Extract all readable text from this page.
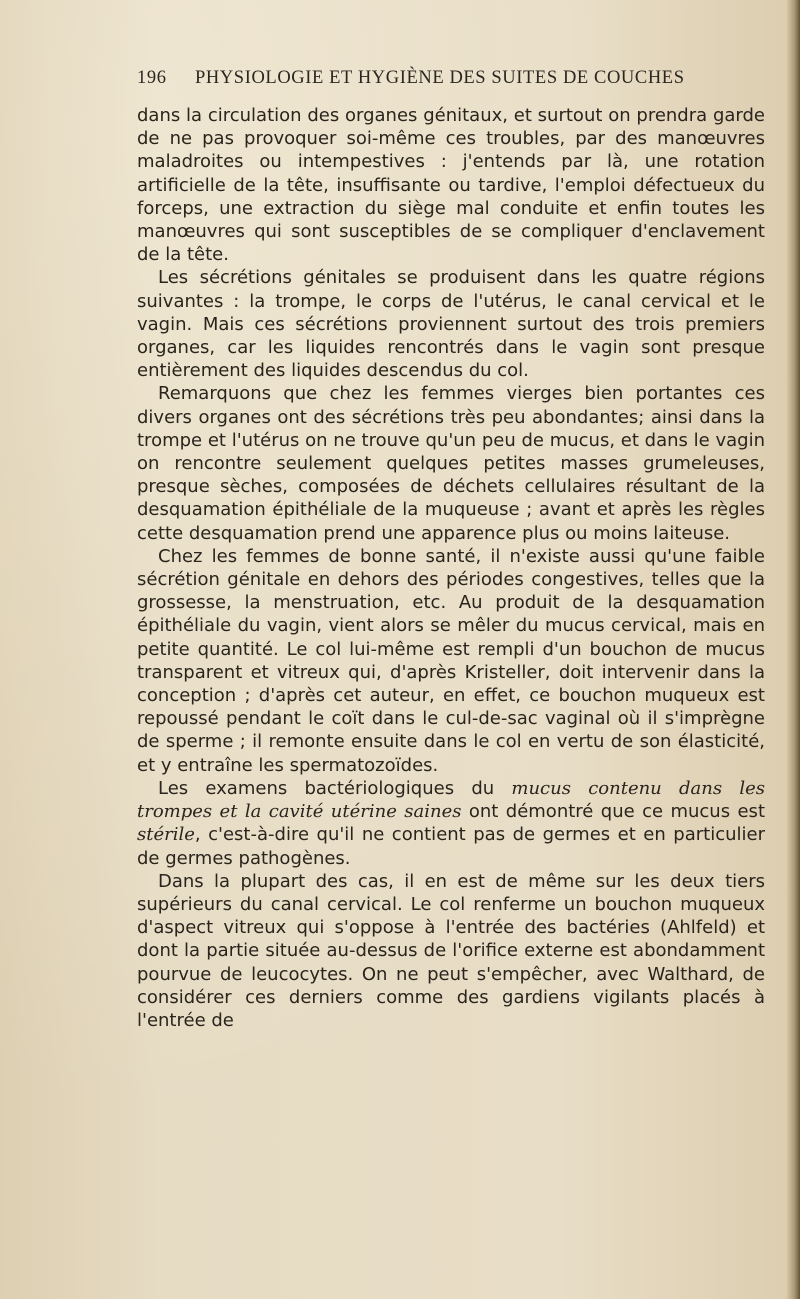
196 PHYSIOLOGIE ET HYGIÈNE DES SUITES DE COUCHES

dans la circulation des organes génitaux, et surtout on prendra garde de ne pas provoquer soi-même ces troubles, par des manœuvres maladroites ou intempestives : j'entends par là, une rotation artificielle de la tête, insuffisante ou tardive, l'emploi défectueux du forceps, une extraction du siège mal conduite et enfin toutes les manœuvres qui sont susceptibles de se compliquer d'enclavement de la tête.

Les sécrétions génitales se produisent dans les quatre régions suivantes : la trompe, le corps de l'utérus, le canal cervical et le vagin. Mais ces sécrétions proviennent surtout des trois premiers organes, car les liquides rencontrés dans le vagin sont presque entièrement des liquides descendus du col.

Remarquons que chez les femmes vierges bien portantes ces divers organes ont des sécrétions très peu abondantes; ainsi dans la trompe et l'utérus on ne trouve qu'un peu de mucus, et dans le vagin on rencontre seulement quelques petites masses grumeleuses, presque sèches, composées de déchets cellulaires résultant de la desquamation épithéliale de la muqueuse ; avant et après les règles cette desquamation prend une apparence plus ou moins laiteuse.

Chez les femmes de bonne santé, il n'existe aussi qu'une faible sécrétion génitale en dehors des périodes congestives, telles que la grossesse, la menstruation, etc. Au produit de la desquamation épithéliale du vagin, vient alors se mêler du mucus cervical, mais en petite quantité. Le col lui-même est rempli d'un bouchon de mucus transparent et vitreux qui, d'après Kristeller, doit intervenir dans la conception ; d'après cet auteur, en effet, ce bouchon muqueux est repoussé pendant le coït dans le cul-de-sac vaginal où il s'imprègne de sperme ; il remonte ensuite dans le col en vertu de son élasticité, et y entraîne les spermatozoïdes.

Les examens bactériologiques du mucus contenu dans les trompes et la cavité utérine saines ont démontré que ce mucus est stérile, c'est-à-dire qu'il ne contient pas de germes et en particulier de germes pathogènes.

Dans la plupart des cas, il en est de même sur les deux tiers supérieurs du canal cervical. Le col renferme un bouchon muqueux d'aspect vitreux qui s'oppose à l'entrée des bactéries (Ahlfeld) et dont la partie située au-dessus de l'orifice externe est abondamment pourvue de leucocytes. On ne peut s'empêcher, avec Walthard, de considérer ces derniers comme des gardiens vigilants placés à l'entrée de
